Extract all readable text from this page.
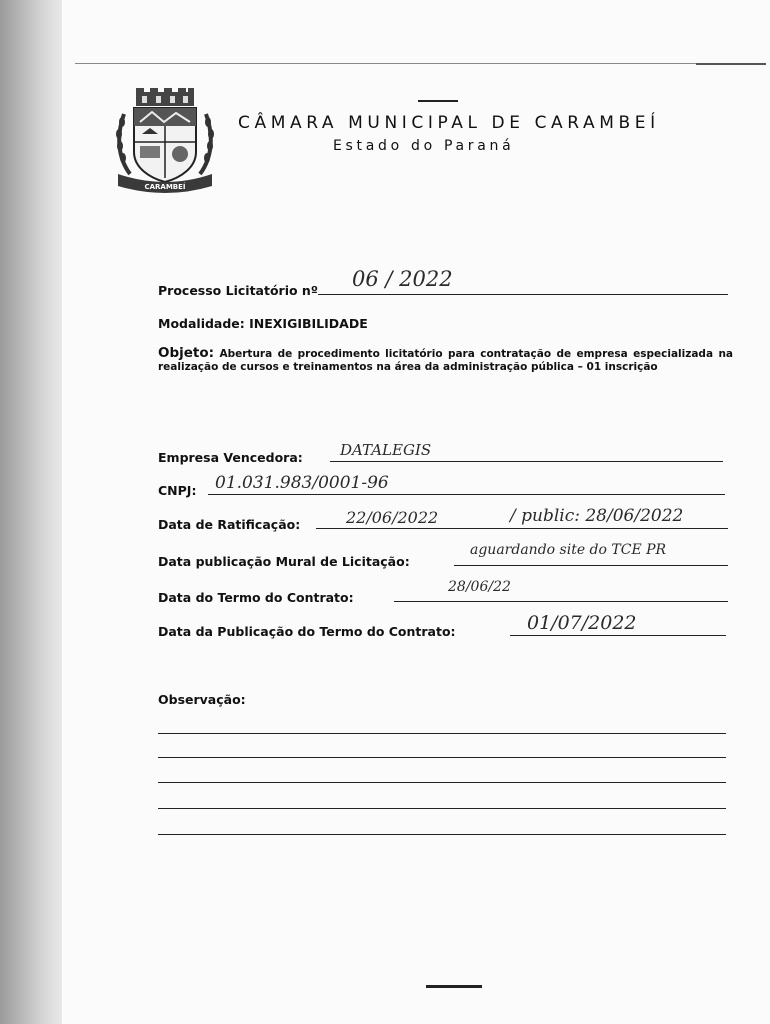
CARAMBEÍ
CÂMARA MUNICIPAL DE CARAMBEÍ
Estado do Paraná
Processo Licitatório nº 06 / 2022
Modalidade: INEXIGIBILIDADE
Objeto: Abertura de procedimento licitatório para contratação de empresa especializada na realização de cursos e treinamentos na área da administração pública – 01 inscrição
Empresa Vencedora: DATALEGIS
CNPJ: 01.031.983/0001-96
Data de Ratificação:	22/06/2022	/ public: 28/06/2022
Data publicação Mural de Licitação:
aguardando site do TCE PR
Data do Termo do Contrato:
28/06/22
Data da Publicação do Termo do Contrato:	01/07/2022
Observação:
